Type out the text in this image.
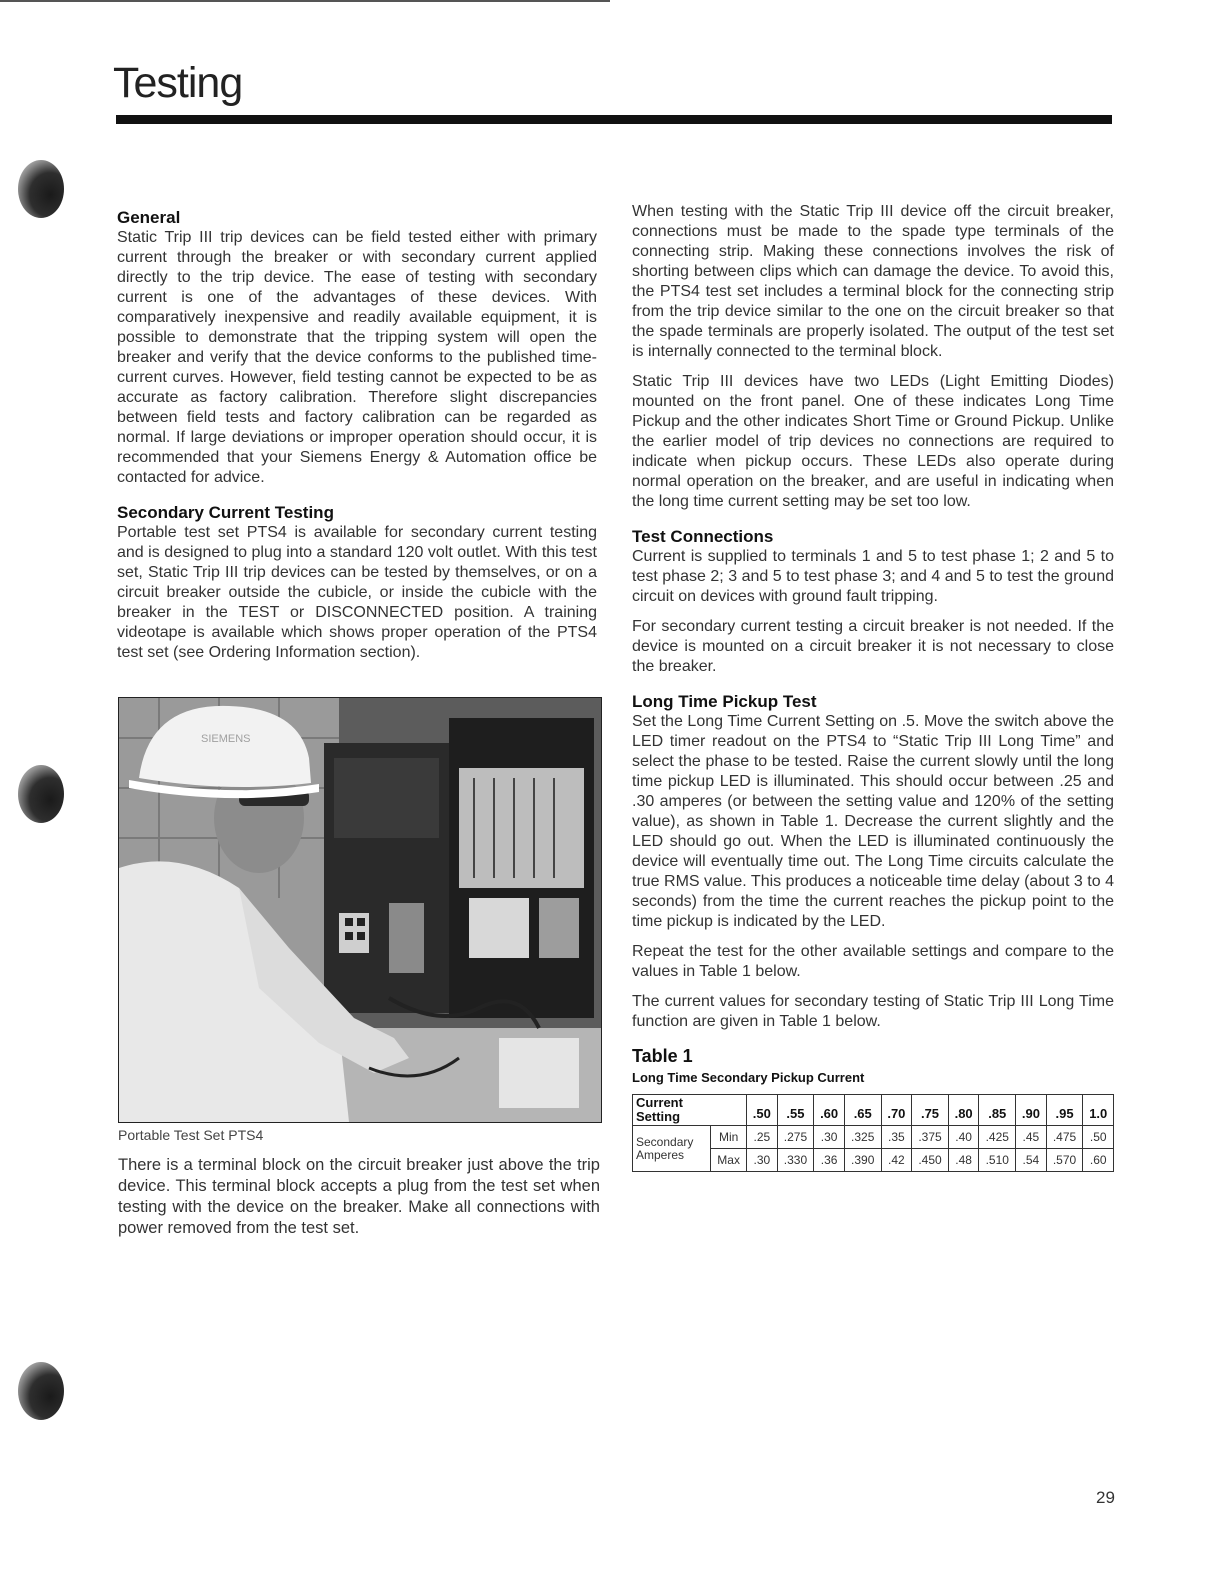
Testing
General

Static Trip III trip devices can be field tested either with primary current through the breaker or with secondary current applied directly to the trip device. The ease of testing with secondary current is one of the advantages of these devices. With comparatively inexpensive and readily available equipment, it is possible to demonstrate that the tripping system will open the breaker and verify that the device conforms to the published time-current curves. However, field testing cannot be expected to be as accurate as factory calibration. Therefore slight discrepancies between field tests and factory calibration can be regarded as normal. If large deviations or improper operation should occur, it is recommended that your Siemens Energy & Automation office be contacted for advice.

Secondary Current Testing

Portable test set PTS4 is available for secondary current testing and is designed to plug into a standard 120 volt outlet. With this test set, Static Trip III trip devices can be tested by themselves, or on a circuit breaker outside the cubicle, or inside the cubicle with the breaker in the TEST or DISCONNECTED position. A training videotape is available which shows proper operation of the PTS4 test set (see Ordering Information section).

SIEMENS
Portable Test Set PTS4

There is a terminal block on the circuit breaker just above the trip device. This terminal block accepts a plug from the test set when testing with the device on the breaker. Make all connections with power removed from the test set.

When testing with the Static Trip III device off the circuit breaker, connections must be made to the spade type terminals of the connecting strip. Making these connections involves the risk of shorting between clips which can damage the device. To avoid this, the PTS4 test set includes a terminal block for the connecting strip from the trip device similar to the one on the circuit breaker so that the spade terminals are properly isolated. The output of the test set is internally connected to the terminal block.

Static Trip III devices have two LEDs (Light Emitting Diodes) mounted on the front panel. One of these indicates Long Time Pickup and the other indicates Short Time or Ground Pickup. Unlike the earlier model of trip devices no connections are required to indicate when pickup occurs. These LEDs also operate during normal operation on the breaker, and are useful in indicating when the long time current setting may be set too low.

Test Connections

Current is supplied to terminals 1 and 5 to test phase 1; 2 and 5 to test phase 2; 3 and 5 to test phase 3; and 4 and 5 to test the ground circuit on devices with ground fault tripping.

For secondary current testing a circuit breaker is not needed. If the device is mounted on a circuit breaker it is not necessary to close the breaker.

Long Time Pickup Test

Set the Long Time Current Setting on .5. Move the switch above the LED timer readout on the PTS4 to “Static Trip III Long Time” and select the phase to be tested. Raise the current slowly until the long time pickup LED is illuminated. This should occur between .25 and .30 amperes (or between the setting value and 120% of the setting value), as shown in Table 1. Decrease the current slightly and the LED should go out. When the LED is illuminated continuously the device will eventually time out. The Long Time circuits calculate the true RMS value. This produces a noticeable time delay (about 3 to 4 seconds) from the time the current reaches the pickup point to the time pickup is indicated by the LED.

Repeat the test for the other available settings and compare to the values in Table 1 below.

The current values for secondary testing of Static Trip III Long Time function are given in Table 1 below.

Table 1
Long Time Secondary Pickup Current
Current
Setting		.50	.55	.60	.65	.70	.75	.80	.85	.90	.95	1.0
Secondary
Amperes	Min	.25	.275	.30	.325	.35	.375	.40	.425	.45	.475	.50
	Max	.30	.330	.36	.390	.42	.450	.48	.510	.54	.570	.60
29
